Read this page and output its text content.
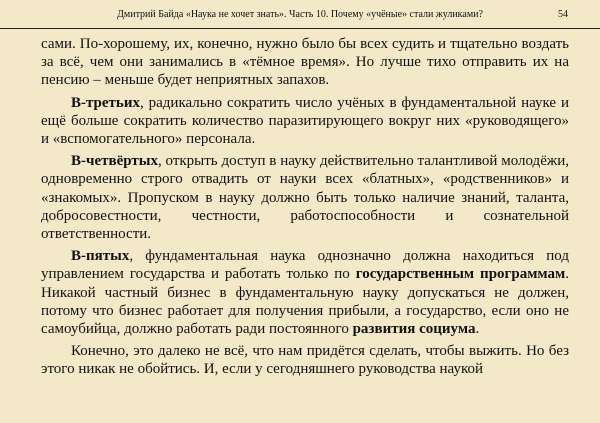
Дмитрий Байда «Наука не хочет знать». Часть 10. Почему «учёные» стали жуликами?	54

сами. По-хорошему, их, конечно, нужно было бы всех судить и тщательно воздать за всё, чем они занимались в «тёмное время». Но лучше тихо отправить их на пенсию – меньше будет неприятных запахов.

В-третьих, радикально сократить число учёных в фундаментальной науке и ещё больше сократить количество паразитирующего вокруг них «руководящего» и «вспомогательного» персонала.

В-четвёртых, открыть доступ в науку действительно талантливой молодёжи, одновременно строго отвадить от науки всех «блатных», «родственников» и «знакомых». Пропуском в науку должно быть только наличие знаний, таланта, добросовестности, честности, работоспособности и сознательной ответственности.

В-пятых, фундаментальная наука однозначно должна находиться под управлением государства и работать только по государственным программам. Никакой частный бизнес в фундаментальную науку допускаться не должен, потому что бизнес работает для получения прибыли, а государство, если оно не самоубийца, должно работать ради постоянного развития социума.

Конечно, это далеко не всё, что нам придётся сделать, чтобы выжить. Но без этого никак не обойтись. И, если у сегодняшнего руководства наукой
